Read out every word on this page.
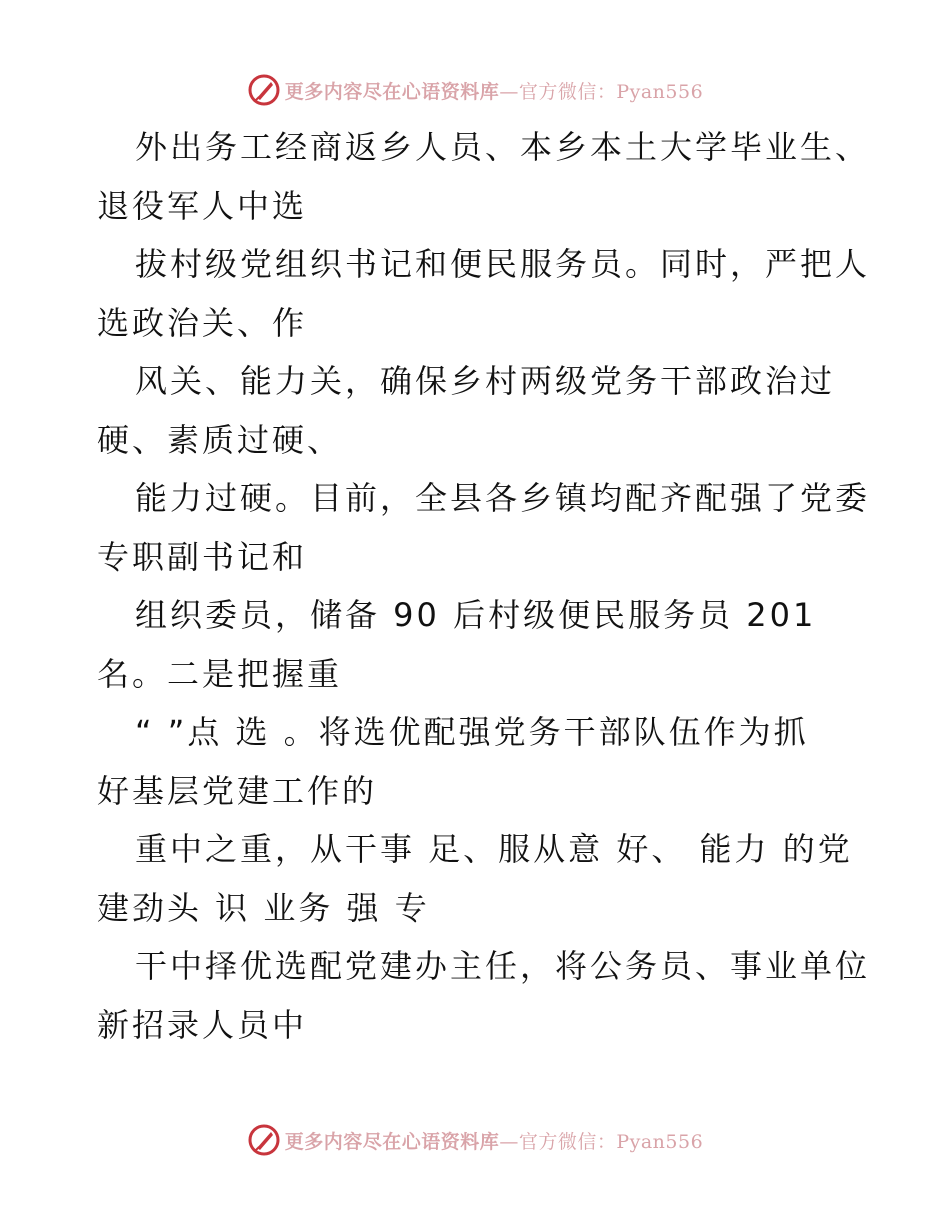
更多内容尽在心语资料库—官方微信：Pyan556
外出务工经商返乡人员、本乡本土大学毕业生、
退役军人中选
拔村级党组织书记和便民服务员。同时，严把人
选政治关、作
风关、能力关，确保乡村两级党务干部政治过
硬、素质过硬、
能力过硬。目前，全县各乡镇均配齐配强了党委
专职副书记和
组织委员，储备 90 后村级便民服务员 201
名。二是把握重
“ ”点 选 。将选优配强党务干部队伍作为抓
好基层党建工作的
重中之重，从干事 足、服从意 好、 能力 的党
建劲头 识 业务 强 专
干中择优选配党建办主任，将公务员、事业单位
新招录人员中
更多内容尽在心语资料库—官方微信：Pyan556
